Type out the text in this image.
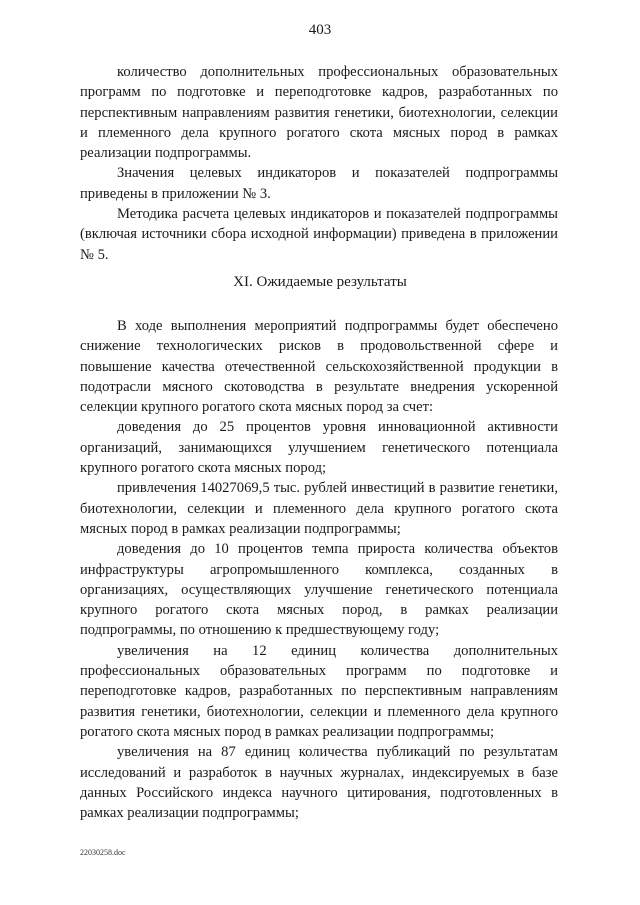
403

количество дополнительных профессиональных образовательных программ по подготовке и переподготовке кадров, разработанных по перспективным направлениям развития генетики, биотехнологии, селекции и племенного дела крупного рогатого скота мясных пород в рамках реализации подпрограммы.

Значения целевых индикаторов и показателей подпрограммы приведены в приложении № 3.

Методика расчета целевых индикаторов и показателей подпрограммы (включая источники сбора исходной информации) приведена в приложении № 5.

XI. Ожидаемые результаты

В ходе выполнения мероприятий подпрограммы будет обеспечено снижение технологических рисков в продовольственной сфере и повышение качества отечественной сельскохозяйственной продукции в подотрасли мясного скотоводства в результате внедрения ускоренной селекции крупного рогатого скота мясных пород за счет:

доведения до 25 процентов уровня инновационной активности организаций, занимающихся улучшением генетического потенциала крупного рогатого скота мясных пород;

привлечения 14027069,5 тыс. рублей инвестиций в развитие генетики, биотехнологии, селекции и племенного дела крупного рогатого скота мясных пород в рамках реализации подпрограммы;

доведения до 10 процентов темпа прироста количества объектов инфраструктуры агропромышленного комплекса, созданных в организациях, осуществляющих улучшение генетического потенциала крупного рогатого скота мясных пород, в рамках реализации подпрограммы, по отношению к предшествующему году;

увеличения на 12 единиц количества дополнительных профессиональных образовательных программ по подготовке и переподготовке кадров, разработанных по перспективным направлениям развития генетики, биотехнологии, селекции и племенного дела крупного рогатого скота мясных пород в рамках реализации подпрограммы;

увеличения на 87 единиц количества публикаций по результатам исследований и разработок в научных журналах, индексируемых в базе данных Российского индекса научного цитирования, подготовленных в рамках реализации подпрограммы;

22030258.doc
